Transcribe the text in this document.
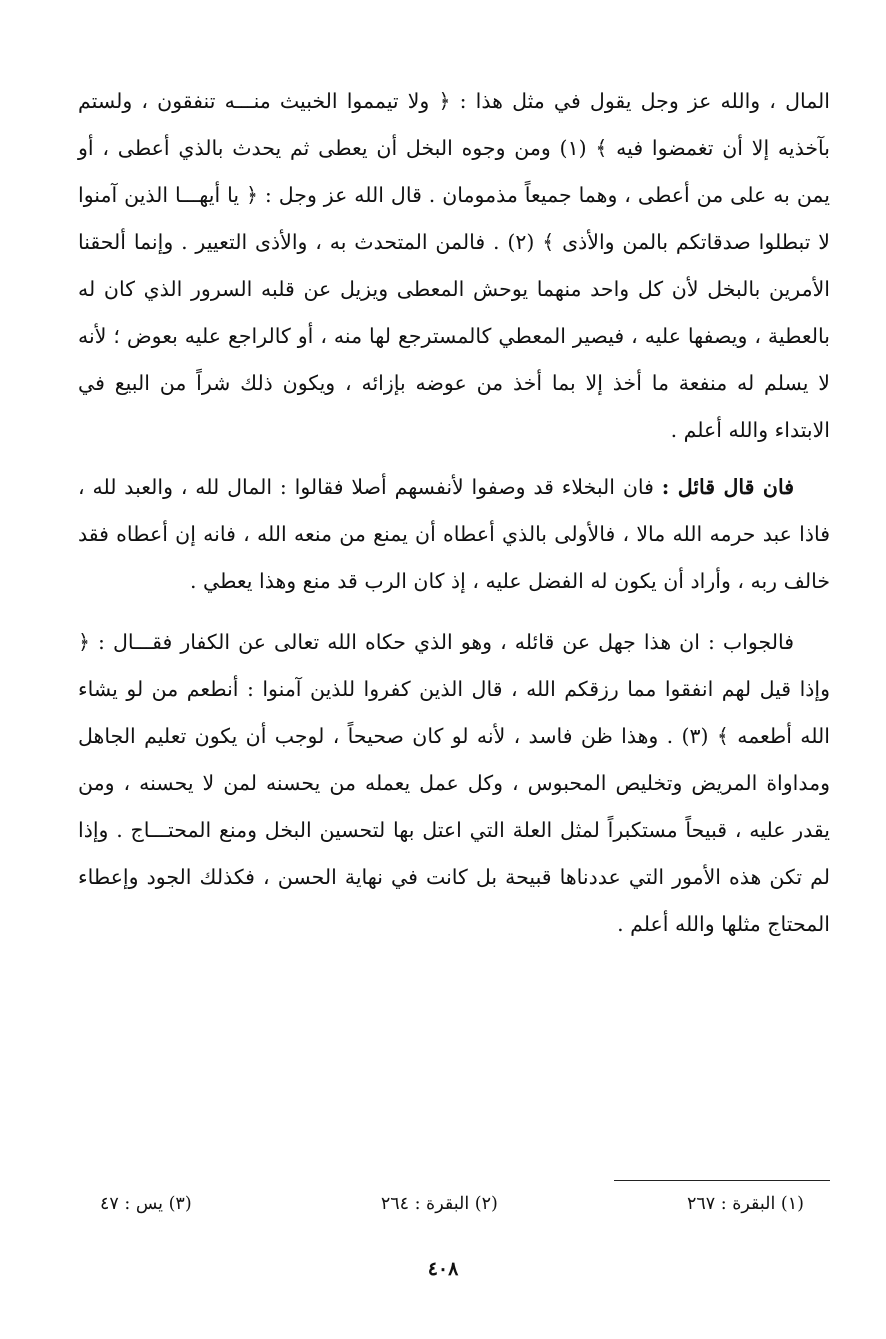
المال ، والله عز وجل يقول في مثل هذا : ﴿ ولا تيمموا الخبيث منـــه تنفقون ، ولستم بآخذيه إلا أن تغمضوا فيه ﴾ (١) ومن وجوه البخل أن يعطى ثم يحدث بالذي أعطى ، أو يمن به على من أعطى ، وهما جميعاً مذمومان . قال الله عز وجل : ﴿ يا أيهـــا الذين آمنوا لا تبطلوا صدقاتكم بالمن والأذى ﴾ (٢) . فالمن المتحدث به ، والأذى التعيير . وإنما ألحقنا الأمرين بالبخل لأن كل واحد منهما يوحش المعطى ويزيل عن قلبه السرور الذي كان له بالعطية ، ويصفها عليه ، فيصير المعطي كالمسترجع لها منه ، أو كالراجع عليه بعوض ؛ لأنه لا يسلم له منفعة ما أخذ إلا بما أخذ من عوضه بإزائه ، ويكون ذلك شراً من البيع في الابتداء والله أعلم .

فان قال قائل : فان البخلاء قد وصفوا لأنفسهم أصلا فقالوا : المال لله ، والعبد لله ، فاذا عبد حرمه الله مالا ، فالأولى بالذي أعطاه أن يمنع من منعه الله ، فانه إن أعطاه فقد خالف ربه ، وأراد أن يكون له الفضل عليه ، إذ كان الرب قد منع وهذا يعطي .

فالجواب : ان هذا جهل عن قائله ، وهو الذي حكاه الله تعالى عن الكفار فقـــال : ﴿ وإذا قيل لهم انفقوا مما رزقكم الله ، قال الذين كفروا للذين آمنوا : أنطعم من لو يشاء الله أطعمه ﴾ (٣) . وهذا ظن فاسد ، لأنه لو كان صحيحاً ، لوجب أن يكون تعليم الجاهل ومداواة المريض وتخليص المحبوس ، وكل عمل يعمله من يحسنه لمن لا يحسنه ، ومن يقدر عليه ، قبيحاً مستكبراً لمثل العلة التي اعتل بها لتحسين البخل ومنع المحتـــاج . وإذا لم تكن هذه الأمور التي عددناها قبيحة بل كانت في نهاية الحسن ، فكذلك الجود وإعطاء المحتاج مثلها والله أعلم .

(١) البقرة : ٢٦٧
(٢) البقرة : ٢٦٤
(٣) يس : ٤٧
٤٠٨
